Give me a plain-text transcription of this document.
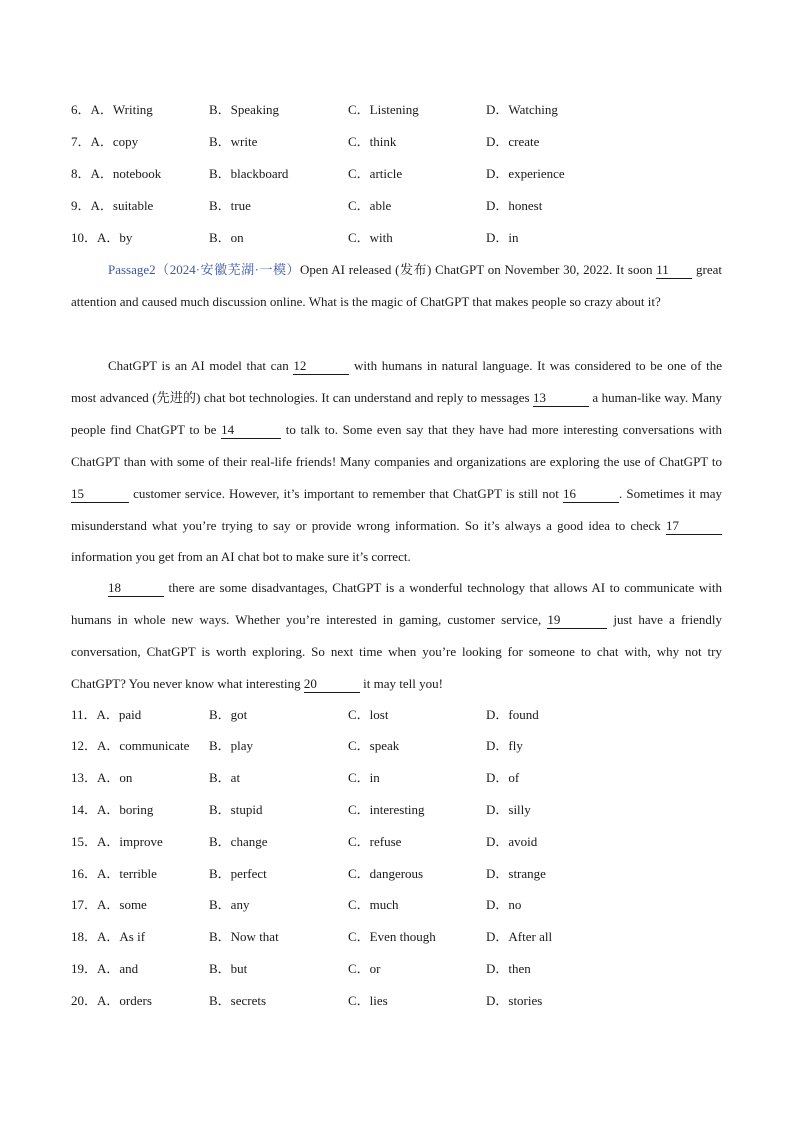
6．A．Writing	B．Speaking	C．Listening	D．Watching
7．A．copy	B．write	C．think	D．create
8．A．notebook	B．blackboard	C．article	D．experience
9．A．suitable	B．true	C．able	D．honest
10．A．by	B．on	C．with	D．in
Passage2（2024·安徽芜湖·一模）Open AI released (发布) ChatGPT on November 30, 2022. It soon 11 great attention and caused much discussion online. What is the magic of ChatGPT that makes people so crazy about it?
ChatGPT is an AI model that can 12	with humans in natural language. It was considered to be one of the most advanced (先进的) chat bot technologies. It can understand and reply to messages 13	a human-like way. Many people find ChatGPT to be 14	to talk to. Some even say that they have had more interesting conversations with ChatGPT than with some of their real-life friends! Many companies and organizations are exploring the use of ChatGPT to 15	customer service. However, it’s important to remember that ChatGPT is still not 16	. Sometimes it may misunderstand what you’re trying to say or provide wrong information. So it’s always a good idea to check 17 information you get from an AI chat bot to make sure it’s correct.
18	there are some disadvantages, ChatGPT is a wonderful technology that allows AI to communicate with humans in whole new ways. Whether you’re interested in gaming, customer service, 19	just have a friendly conversation, ChatGPT is worth exploring. So next time when you’re looking for someone to chat with, why not try ChatGPT? You never know what interesting 20	it may tell you!
11．A．paid	B．got	C．lost	D．found
12．A．communicate B．play	C．speak	D．fly
13．A．on	B．at	C．in	D．of
14．A．boring	B．stupid	C．interesting	D．silly
15．A．improve	B．change	C．refuse	D．avoid
16．A．terrible	B．perfect	C．dangerous	D．strange
17．A．some	B．any	C．much	D．no
18．A．As if	B．Now that	C．Even though	D．After all
19．A．and	B．but	C．or	D．then
20．A．orders	B．secrets	C．lies	D．stories
